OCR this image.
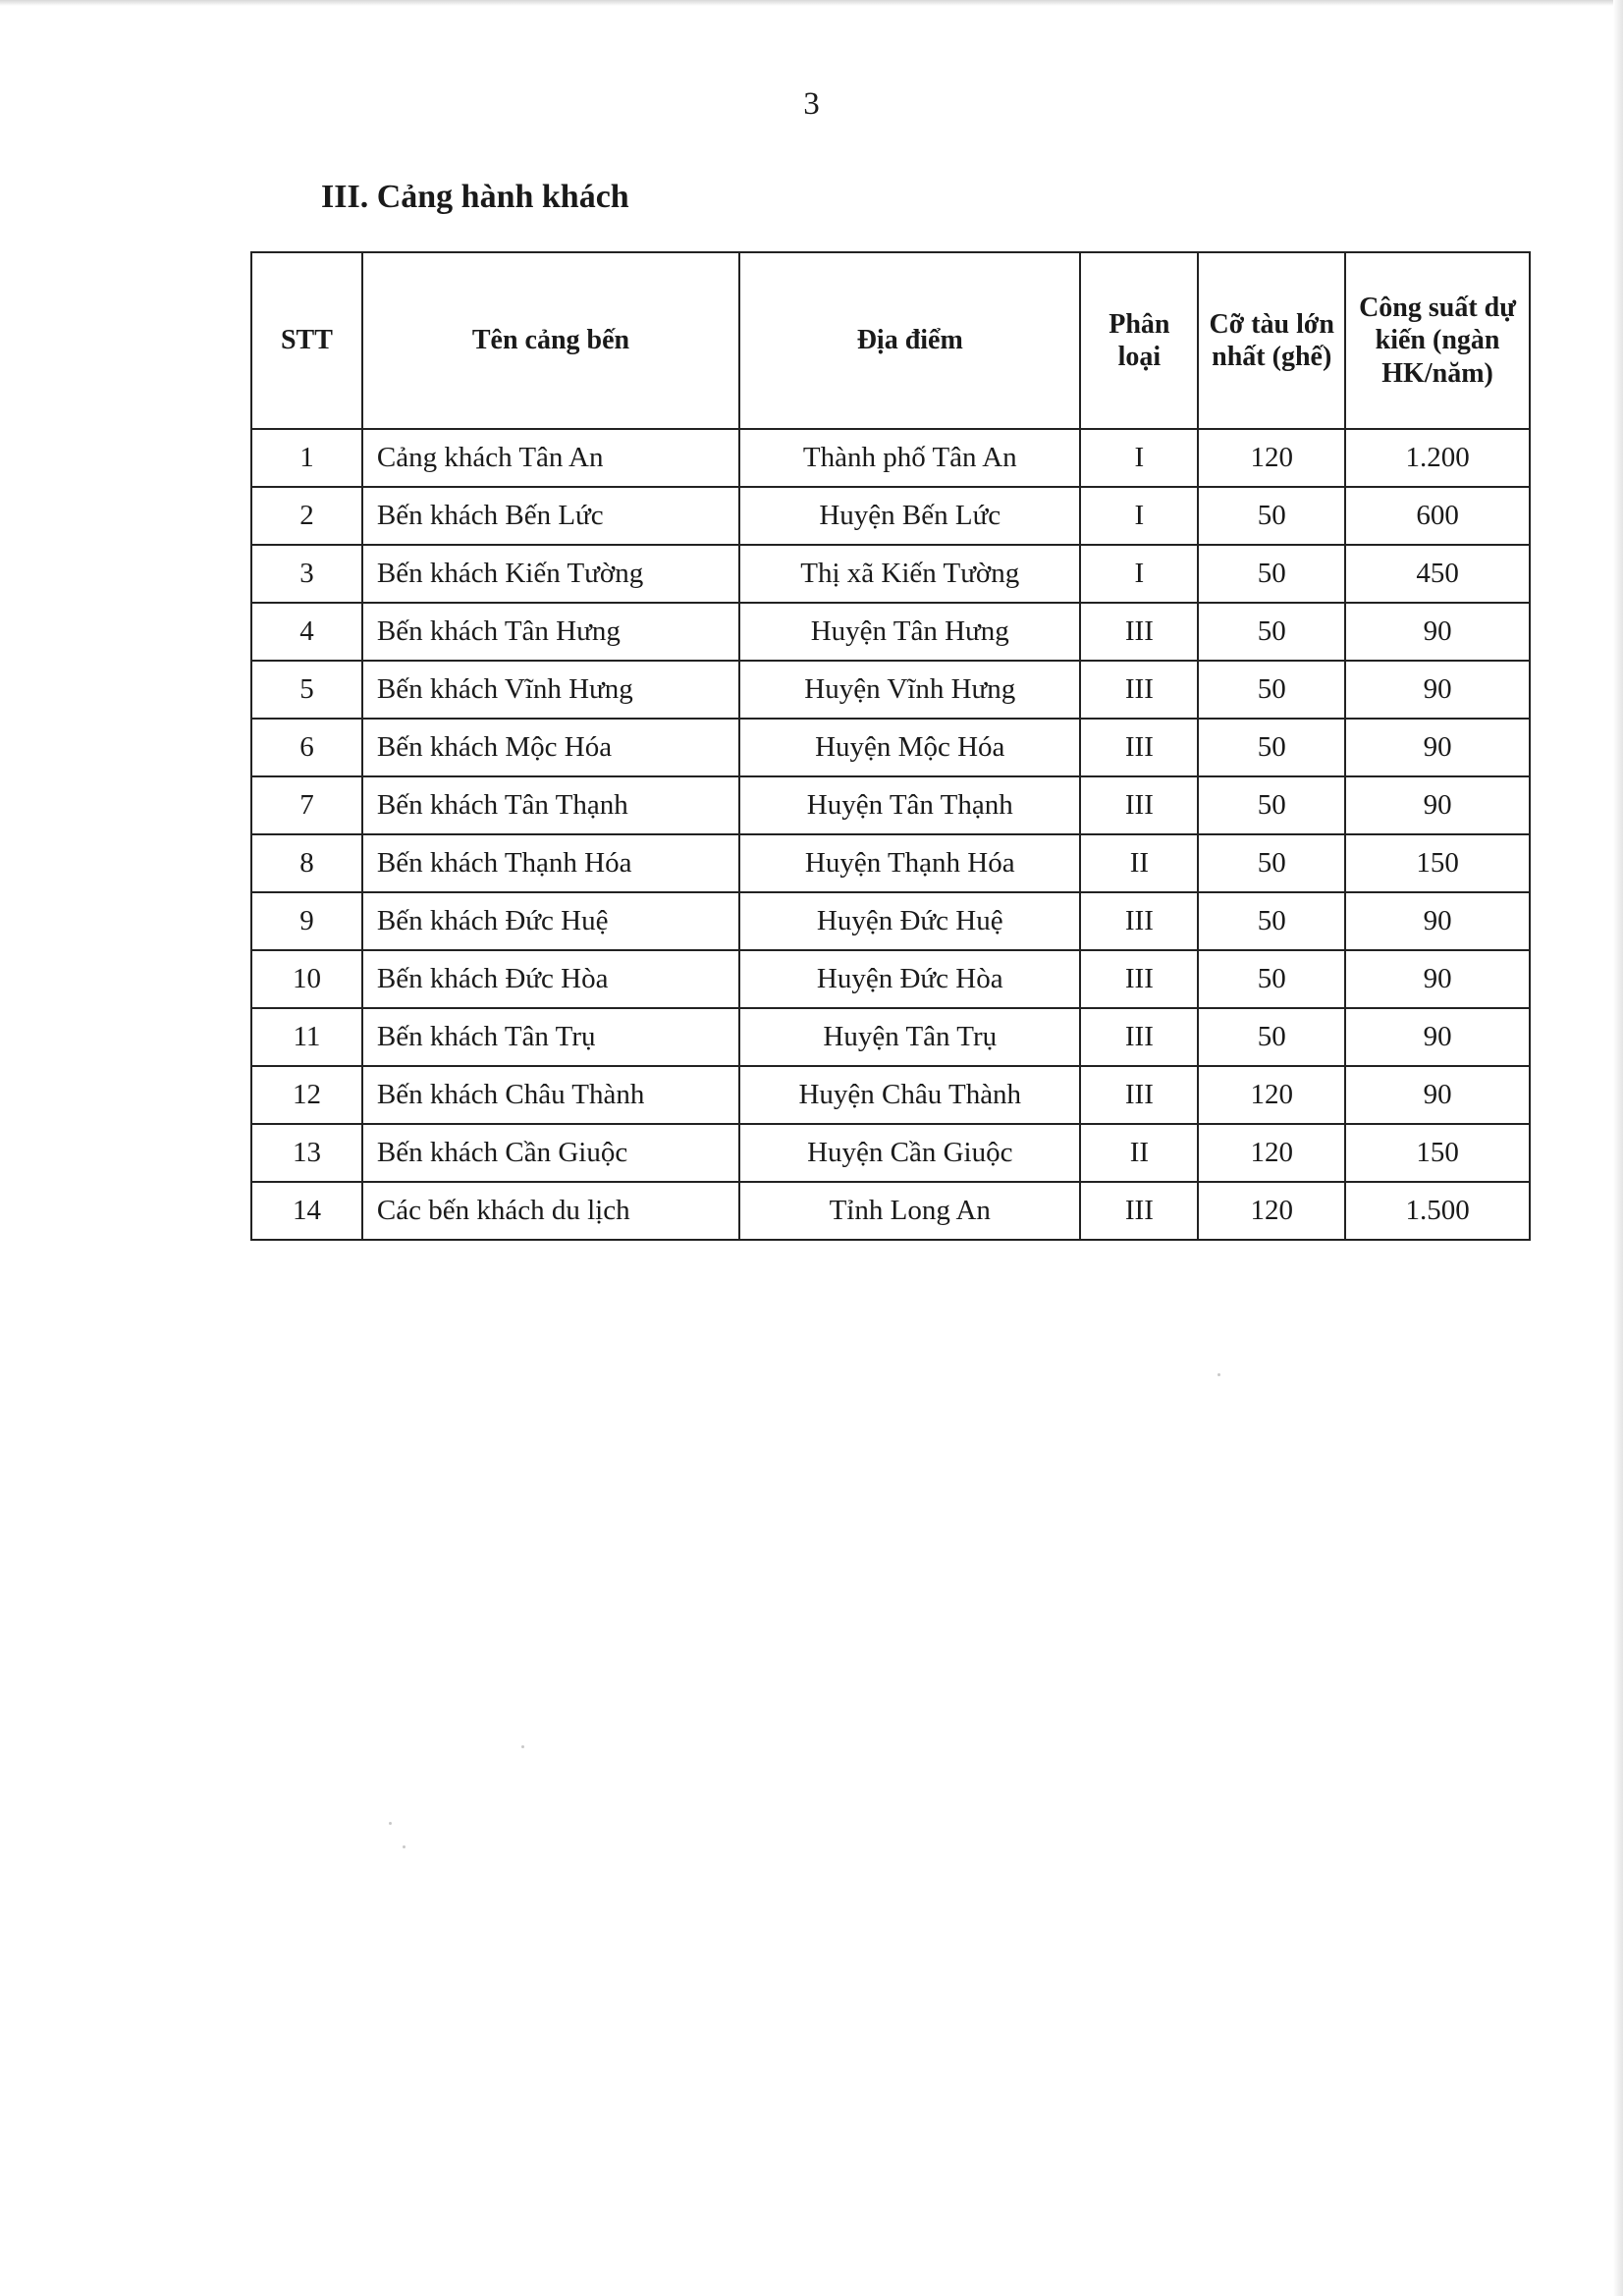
3
III. Cảng hành khách
STT	Tên cảng bến	Địa điểm	Phân loại	Cỡ tàu lớn nhất (ghế)	Công suất dự kiến (ngàn HK/năm)
1	Cảng khách Tân An	Thành phố Tân An	I	120	1.200
2	Bến khách Bến Lức	Huyện Bến Lức	I	50	600
3	Bến khách Kiến Tường	Thị xã Kiến Tường	I	50	450
4	Bến khách Tân Hưng	Huyện Tân Hưng	III	50	90
5	Bến khách Vĩnh Hưng	Huyện Vĩnh Hưng	III	50	90
6	Bến khách Mộc Hóa	Huyện Mộc Hóa	III	50	90
7	Bến khách Tân Thạnh	Huyện Tân Thạnh	III	50	90
8	Bến khách Thạnh Hóa	Huyện Thạnh Hóa	II	50	150
9	Bến khách Đức Huệ	Huyện Đức Huệ	III	50	90
10	Bến khách Đức Hòa	Huyện Đức Hòa	III	50	90
11	Bến khách Tân Trụ	Huyện Tân Trụ	III	50	90
12	Bến khách Châu Thành	Huyện Châu Thành	III	120	90
13	Bến khách Cần Giuộc	Huyện Cần Giuộc	II	120	150
14	Các bến khách du lịch	Tỉnh Long An	III	120	1.500
